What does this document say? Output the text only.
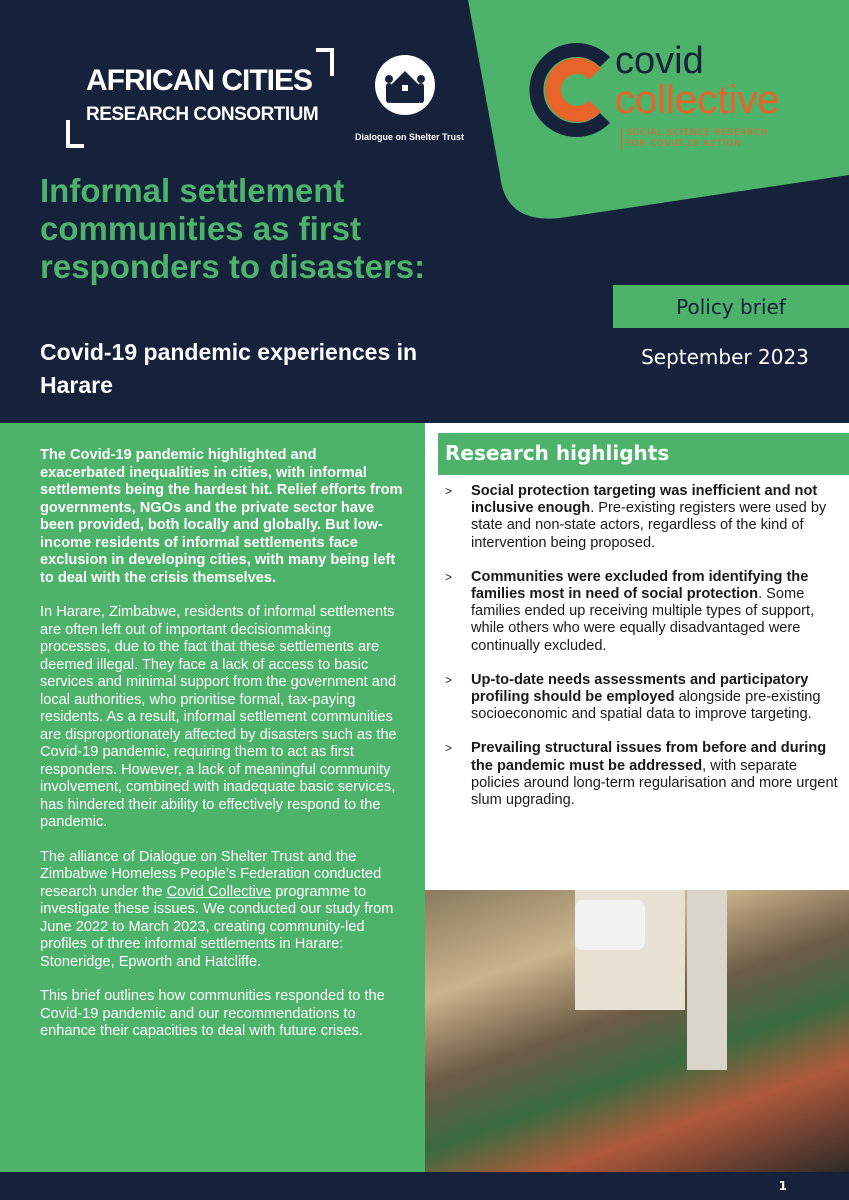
AFRICAN CITIES
RESEARCH CONSORTIUM
Dialogue on Shelter Trust
covid
collective
SOCIAL SCIENCE RESEARCH
FOR COVID-19 ACTION
Informal settlement communities as first responders to disasters:
Covid-19 pandemic experiences in Harare
Policy brief
September 2023

The Covid-19 pandemic highlighted and exacerbated inequalities in cities, with informal settlements being the hardest hit. Relief efforts from governments, NGOs and the private sector have been provided, both locally and globally. But low-income residents of informal settlements face exclusion in developing cities, with many being left to deal with the crisis themselves.

In Harare, Zimbabwe, residents of informal settlements are often left out of important decisionmaking processes, due to the fact that these settlements are deemed illegal. They face a lack of access to basic services and minimal support from the government and local authorities, who prioritise formal, tax-paying residents. As a result, informal settlement communities are disproportionately affected by disasters such as the Covid-19 pandemic, requiring them to act as first responders. However, a lack of meaningful community involvement, combined with inadequate basic services, has hindered their ability to effectively respond to the pandemic.

The alliance of Dialogue on Shelter Trust and the Zimbabwe Homeless People’s Federation conducted research under the Covid Collective programme to investigate these issues. We conducted our study from June 2022 to March 2023, creating community-led profiles of three informal settlements in Harare: Stoneridge, Epworth and Hatcliffe.

This brief outlines how communities responded to the Covid-19 pandemic and our recommendations to enhance their capacities to deal with future crises.

Research highlights
> Social protection targeting was inefficient and not inclusive enough. Pre-existing registers were used by state and non-state actors, regardless of the kind of intervention being proposed.
> Communities were excluded from identifying the families most in need of social protection. Some families ended up receiving multiple types of support, while others who were equally disadvantaged were continually excluded.
> Up-to-date needs assessments and participatory profiling should be employed alongside pre-existing socioeconomic and spatial data to improve targeting.
> Prevailing structural issues from before and during the pandemic must be addressed, with separate policies around long-term regularisation and more urgent slum upgrading.
1
